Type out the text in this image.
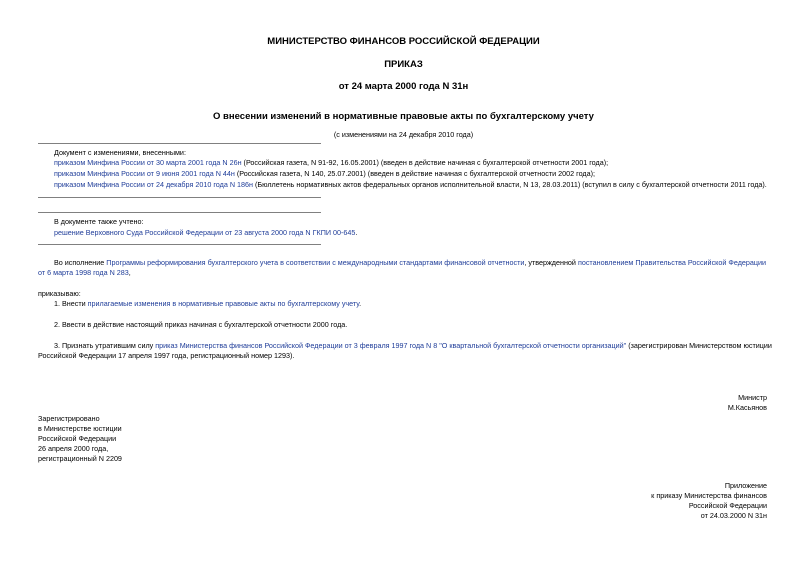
МИНИСТЕРСТВО ФИНАНСОВ РОССИЙСКОЙ ФЕДЕРАЦИИ
ПРИКАЗ
от 24 марта 2000 года N 31н
О внесении изменений в нормативные правовые акты по бухгалтерскому учету
(с изменениями на 24 декабря 2010 года)
Документ с изменениями, внесенными:
приказом Минфина России от 30 марта 2001 года N 26н (Российская газета, N 91-92, 16.05.2001) (введен в действие начиная с бухгалтерской отчетности 2001 года);
приказом Минфина России от 9 июня 2001 года N 44н (Российская газета, N 140, 25.07.2001) (введен в действие начиная с бухгалтерской отчетности 2002 года);
приказом Минфина России от 24 декабря 2010 года N 186н (Бюллетень нормативных актов федеральных органов исполнительной власти, N 13, 28.03.2011) (вступил в силу с бухгалтерской отчетности 2011 года).
В документе также учтено:
решение Верховного Суда Российской Федерации от 23 августа 2000 года N ГКПИ 00-645.
Во исполнение Программы реформирования бухгалтерского учета в соответствии с международными стандартами финансовой отчетности, утвержденной постановлением Правительства Российской Федерации
от 6 марта 1998 года N 283,
приказываю:
1. Внести прилагаемые изменения в нормативные правовые акты по бухгалтерскому учету.
2. Ввести в действие настоящий приказ начиная с бухгалтерской отчетности 2000 года.
3. Признать утратившим силу приказ Министерства финансов Российской Федерации от 3 февраля 1997 года N 8 "О квартальной бухгалтерской отчетности организаций" (зарегистрирован Министерством юстиции
Российской Федерации 17 апреля 1997 года, регистрационный номер 1293).
Министр
М.Касьянов
Зарегистрировано
в Министерстве юстиции
Российской Федерации
26 апреля 2000 года,
регистрационный N 2209
Приложение
к приказу Министерства финансов
Российской Федерации
от 24.03.2000 N 31н
